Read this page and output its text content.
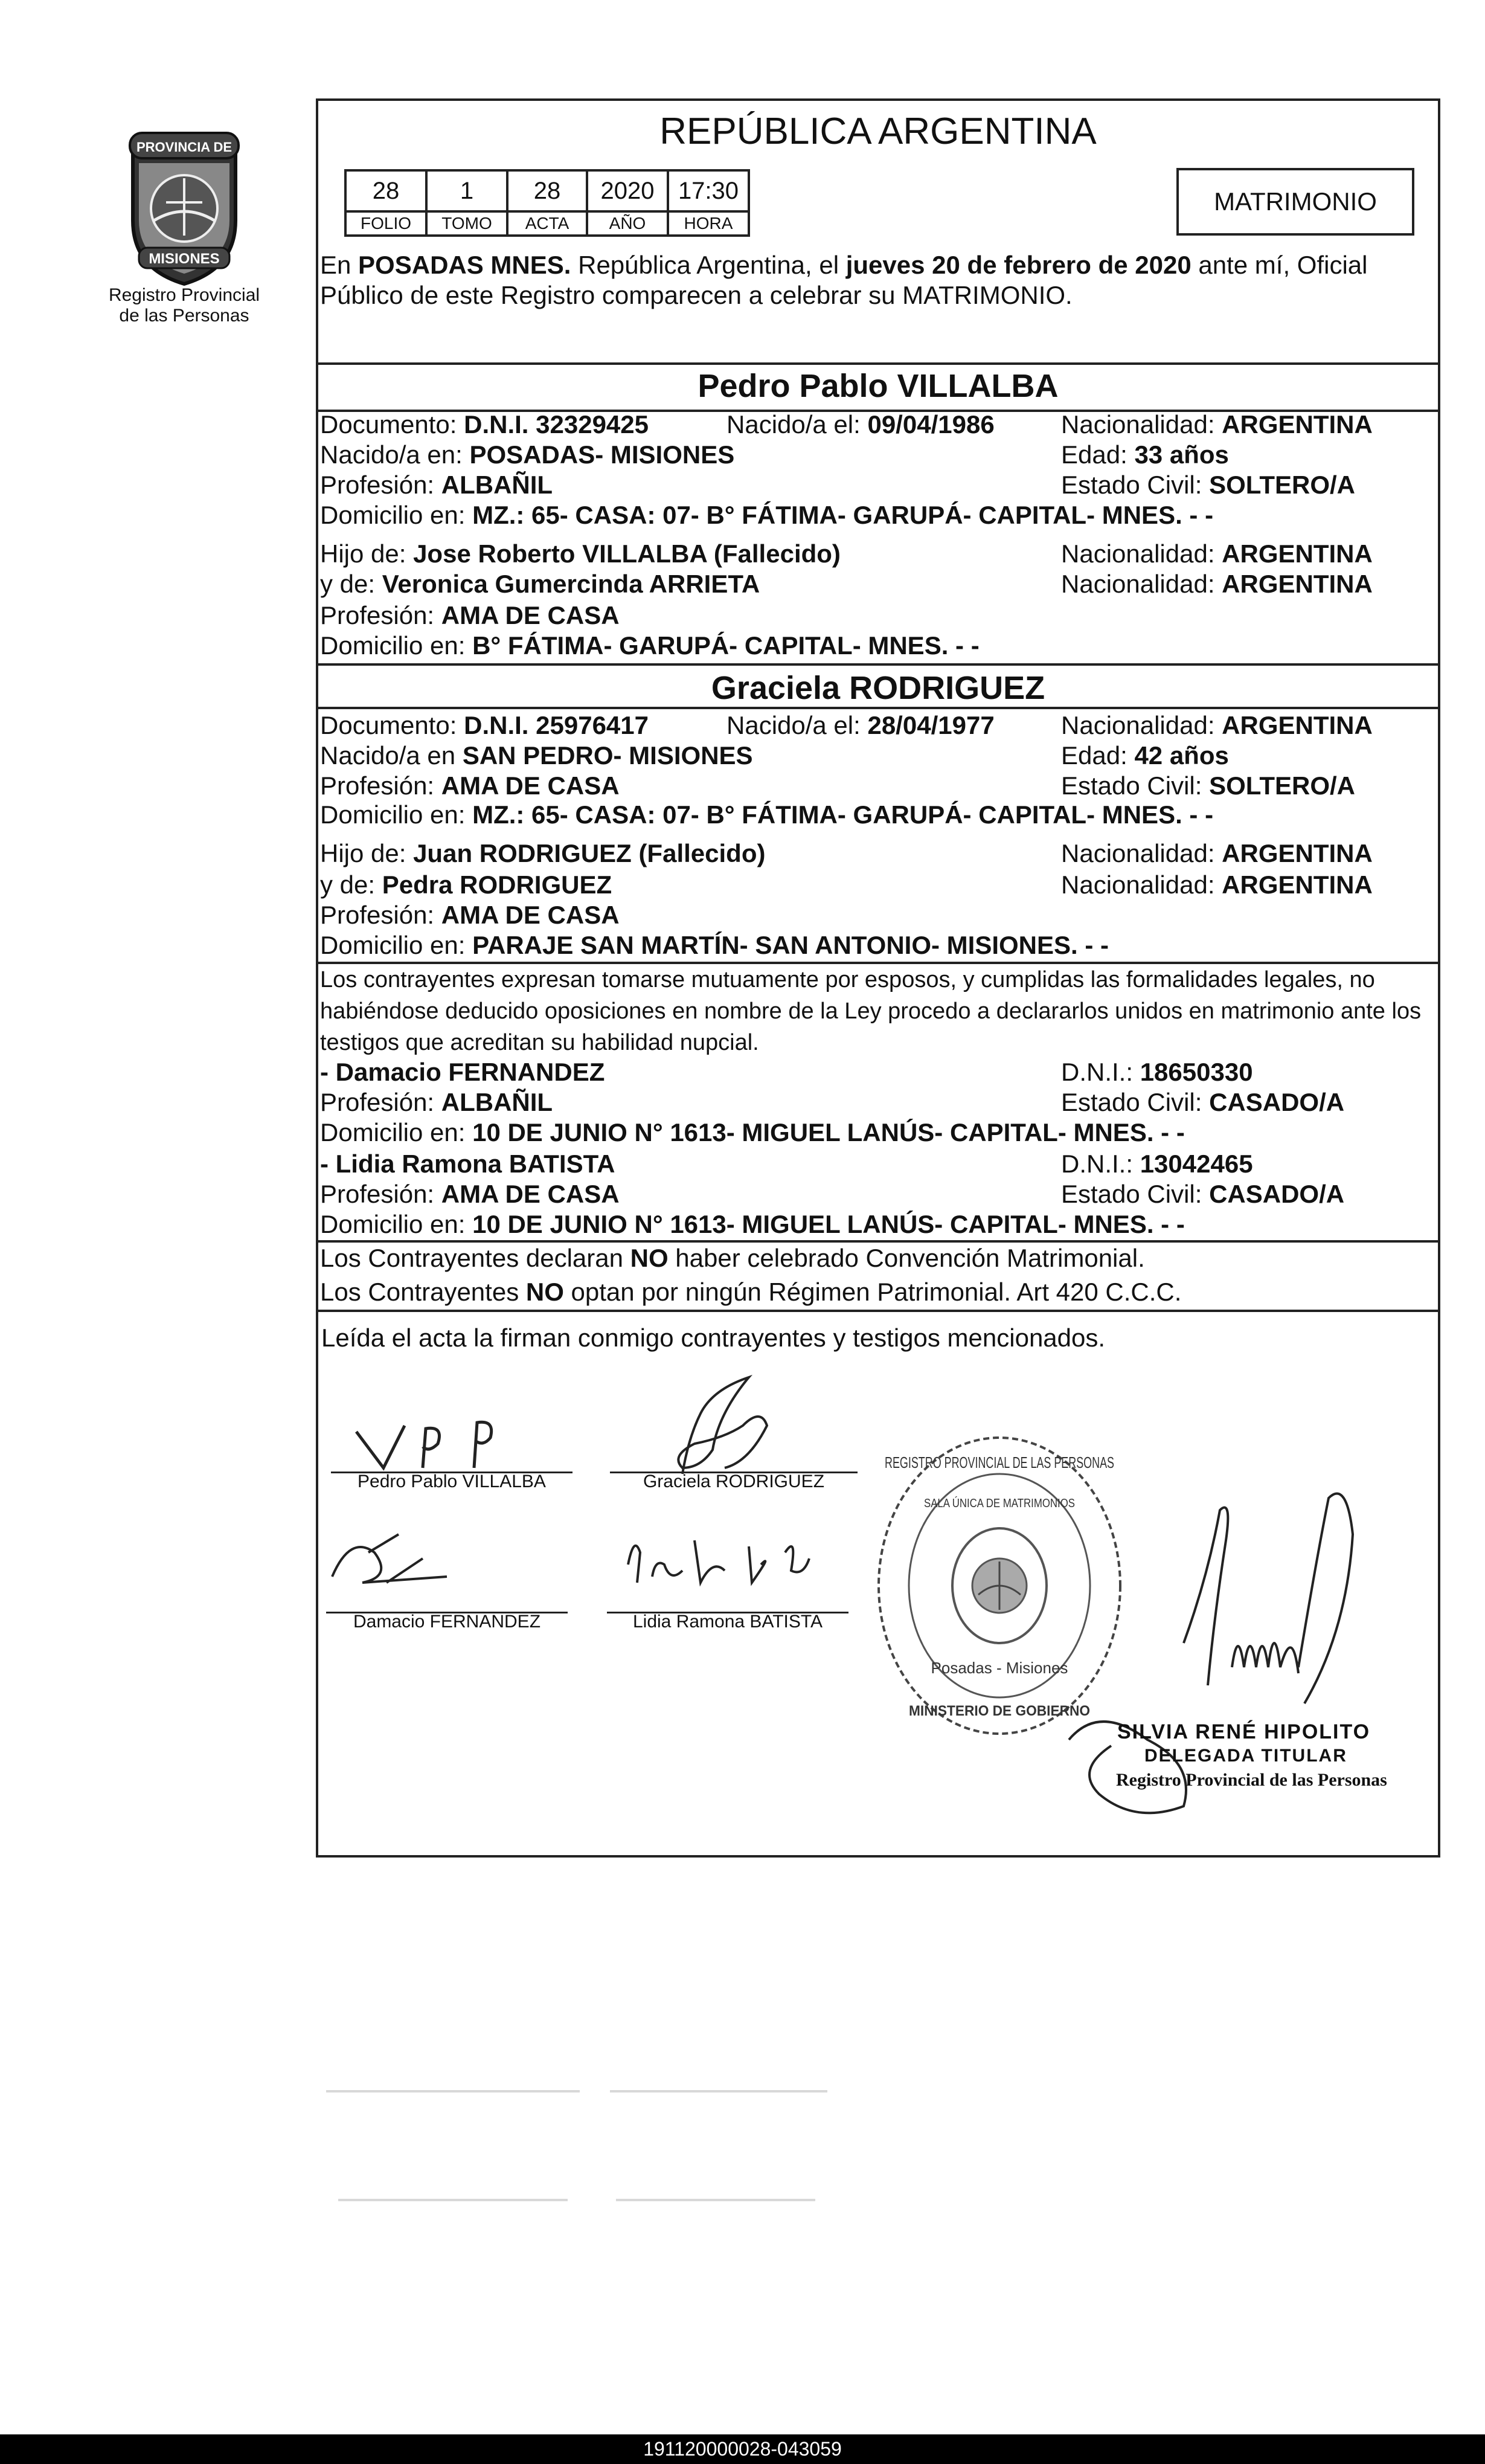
PROVINCIA DE
MISIONES
Registro Provincial
de las Personas
REPÚBLICA ARGENTINA
28	1	28	2020	17:30
FOLIO	TOMO	ACTA	AÑO	HORA
MATRIMONIO
En POSADAS MNES. República Argentina, el jueves 20 de febrero de 2020 ante mí, Oficial Público de este Registro comparecen a celebrar su MATRIMONIO.
Pedro Pablo VILLALBA
Documento: D.N.I. 32329425	Nacido/a el: 09/04/1986	Nacionalidad: ARGENTINA
Nacido/a en: POSADAS- MISIONES	Edad: 33 años
Profesión: ALBAÑIL	Estado Civil: SOLTERO/A
Domicilio en: MZ.: 65- CASA: 07- B° FÁTIMA- GARUPÁ- CAPITAL- MNES. - -
Hijo de: Jose Roberto VILLALBA (Fallecido)	Nacionalidad: ARGENTINA
y de: Veronica Gumercinda ARRIETA	Nacionalidad: ARGENTINA
Profesión: AMA DE CASA
Domicilio en: B° FÁTIMA- GARUPÁ- CAPITAL- MNES. - -
Graciela RODRIGUEZ
Documento: D.N.I. 25976417	Nacido/a el: 28/04/1977	Nacionalidad: ARGENTINA
Nacido/a en SAN PEDRO- MISIONES	Edad: 42 años
Profesión: AMA DE CASA	Estado Civil: SOLTERO/A
Domicilio en: MZ.: 65- CASA: 07- B° FÁTIMA- GARUPÁ- CAPITAL- MNES. - -
Hijo de: Juan RODRIGUEZ (Fallecido)	Nacionalidad: ARGENTINA
y de: Pedra RODRIGUEZ	Nacionalidad: ARGENTINA
Profesión: AMA DE CASA
Domicilio en: PARAJE SAN MARTÍN- SAN ANTONIO- MISIONES. - -
Los contrayentes expresan tomarse mutuamente por esposos, y cumplidas las formalidades legales, no habiéndose deducido oposiciones en nombre de la Ley procedo a declararlos unidos en matrimonio ante los testigos que acreditan su habilidad nupcial.
- Damacio FERNANDEZ	D.N.I.: 18650330
Profesión: ALBAÑIL	Estado Civil: CASADO/A
Domicilio en: 10 DE JUNIO N° 1613- MIGUEL LANÚS- CAPITAL- MNES. - -
- Lidia Ramona BATISTA	D.N.I.: 13042465
Profesión: AMA DE CASA	Estado Civil: CASADO/A
Domicilio en: 10 DE JUNIO N° 1613- MIGUEL LANÚS- CAPITAL- MNES. - -
Los Contrayentes declaran NO haber celebrado Convención Matrimonial.
Los Contrayentes NO optan por ningún Régimen Patrimonial. Art 420 C.C.C.
Leída el acta la firman conmigo contrayentes y testigos mencionados.
Pedro Pablo VILLALBA	Graciela RODRIGUEZ
Damacio FERNANDEZ	Lidia Ramona BATISTA
REGISTRO PROVINCIAL DE LAS PERSONAS
SALA ÚNICA DE MATRIMONIOS
Posadas - Misiones
MINISTERIO DE GOBIERNO
SILVIA RENÉ HIPOLITO
DELEGADA TITULAR
Registro Provincial de las Personas
191120000028-043059
